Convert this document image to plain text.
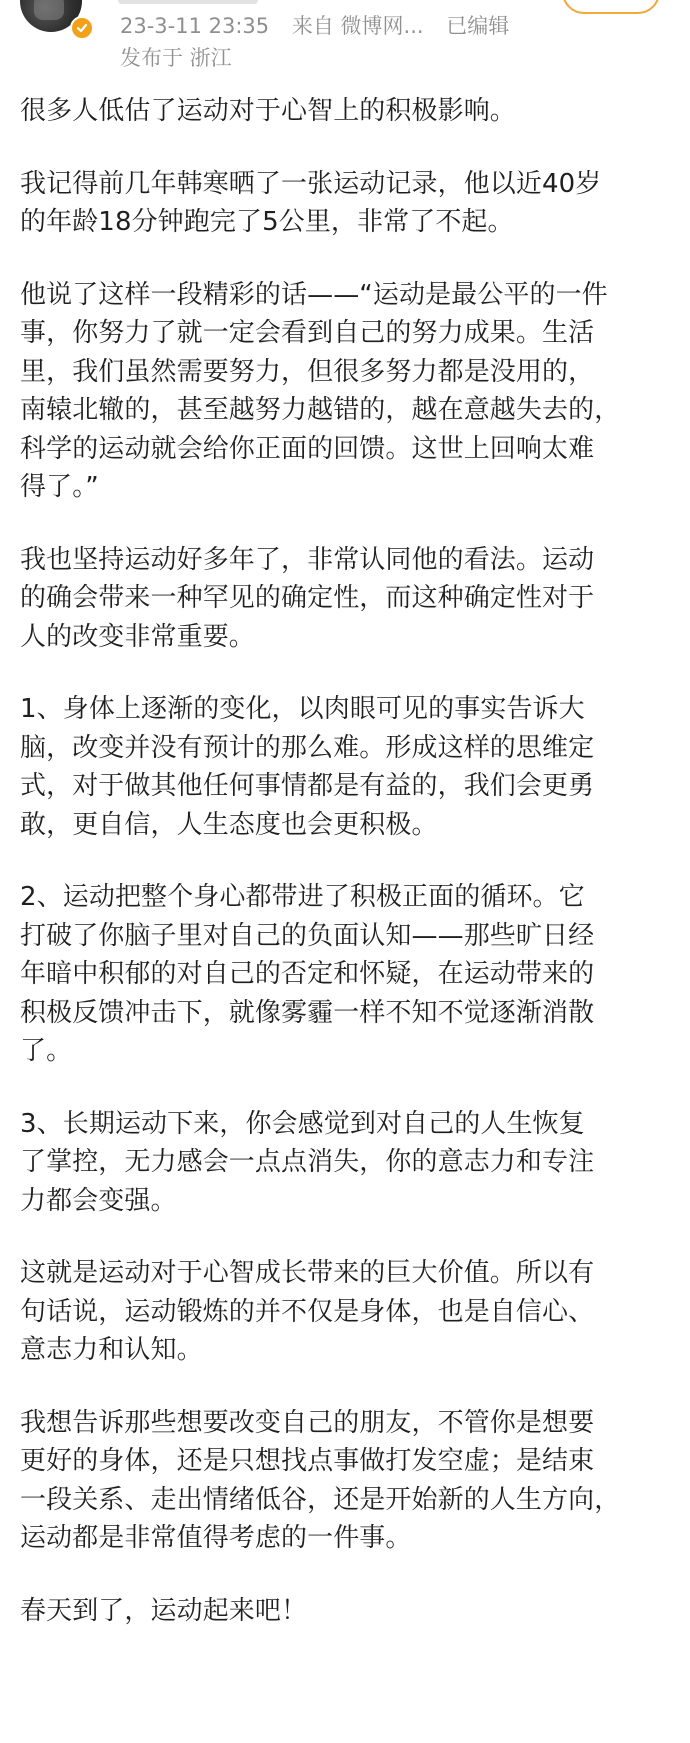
23-3-11 23:35 来自 微博网... 已编辑
发布于 浙江

很多人低估了运动对于心智上的积极影响。

我记得前几年韩寒晒了一张运动记录，他以近40岁
的年龄18分钟跑完了5公里，非常了不起。

他说了这样一段精彩的话——“运动是最公平的一件
事，你努力了就一定会看到自己的努力成果。生活
里，我们虽然需要努力，但很多努力都是没用的，
南辕北辙的，甚至越努力越错的，越在意越失去的，
科学的运动就会给你正面的回馈。这世上回响太难
得了。”

我也坚持运动好多年了，非常认同他的看法。运动
的确会带来一种罕见的确定性，而这种确定性对于
人的改变非常重要。

1、身体上逐渐的变化，以肉眼可见的事实告诉大
脑，改变并没有预计的那么难。形成这样的思维定
式，对于做其他任何事情都是有益的，我们会更勇
敢，更自信，人生态度也会更积极。

2、运动把整个身心都带进了积极正面的循环。它
打破了你脑子里对自己的负面认知——那些旷日经
年暗中积郁的对自己的否定和怀疑，在运动带来的
积极反馈冲击下，就像雾霾一样不知不觉逐渐消散
了。

3、长期运动下来，你会感觉到对自己的人生恢复
了掌控，无力感会一点点消失，你的意志力和专注
力都会变强。

这就是运动对于心智成长带来的巨大价值。所以有
句话说，运动锻炼的并不仅是身体，也是自信心、
意志力和认知。

我想告诉那些想要改变自己的朋友，不管你是想要
更好的身体，还是只想找点事做打发空虚；是结束
一段关系、走出情绪低谷，还是开始新的人生方向，
运动都是非常值得考虑的一件事。

春天到了，运动起来吧！
